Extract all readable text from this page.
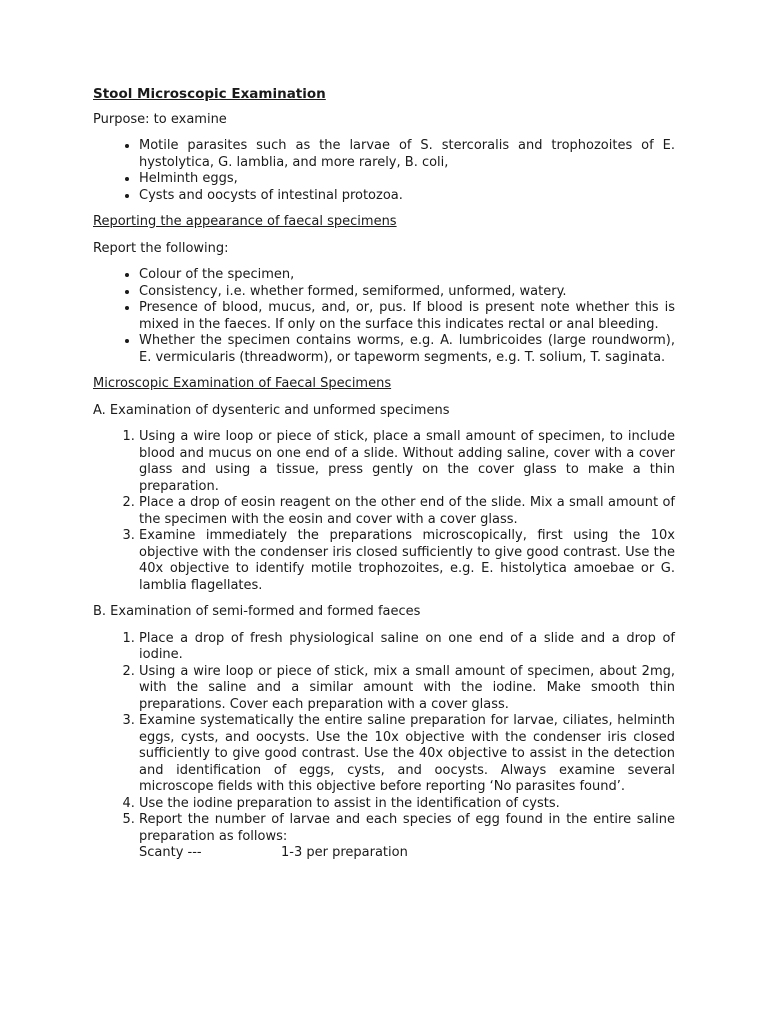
Stool Microscopic Examination

Purpose: to examine

• Motile parasites such as the larvae of S. stercoralis and trophozoites of E. hystolytica, G. lamblia, and more rarely, B. coli,
• Helminth eggs,
• Cysts and oocysts of intestinal protozoa.

Reporting the appearance of faecal specimens

Report the following:

• Colour of the specimen,
• Consistency, i.e. whether formed, semiformed, unformed, watery.
• Presence of blood, mucus, and, or, pus. If blood is present note whether this is mixed in the faeces. If only on the surface this indicates rectal or anal bleeding.
• Whether the specimen contains worms, e.g. A. lumbricoides (large roundworm), E. vermicularis (threadworm), or tapeworm segments, e.g. T. solium, T. saginata.

Microscopic Examination of Faecal Specimens

A. Examination of dysenteric and unformed specimens

1. Using a wire loop or piece of stick, place a small amount of specimen, to include blood and mucus on one end of a slide. Without adding saline, cover with a cover glass and using a tissue, press gently on the cover glass to make a thin preparation.
2. Place a drop of eosin reagent on the other end of the slide. Mix a small amount of the specimen with the eosin and cover with a cover glass.
3. Examine immediately the preparations microscopically, first using the 10x objective with the condenser iris closed sufficiently to give good contrast. Use the 40x objective to identify motile trophozoites, e.g. E. histolytica amoebae or G. lamblia flagellates.

B. Examination of semi-formed and formed faeces

1. Place a drop of fresh physiological saline on one end of a slide and a drop of iodine.
2. Using a wire loop or piece of stick, mix a small amount of specimen, about 2mg, with the saline and a similar amount with the iodine. Make smooth thin preparations. Cover each preparation with a cover glass.
3. Examine systematically the entire saline preparation for larvae, ciliates, helminth eggs, cysts, and oocysts. Use the 10x objective with the condenser iris closed sufficiently to give good contrast. Use the 40x objective to assist in the detection and identification of eggs, cysts, and oocysts. Always examine several microscope fields with this objective before reporting ‘No parasites found’.
4. Use the iodine preparation to assist in the identification of cysts.
5. Report the number of larvae and each species of egg found in the entire saline preparation as follows:
Scanty ---	1-3 per preparation
